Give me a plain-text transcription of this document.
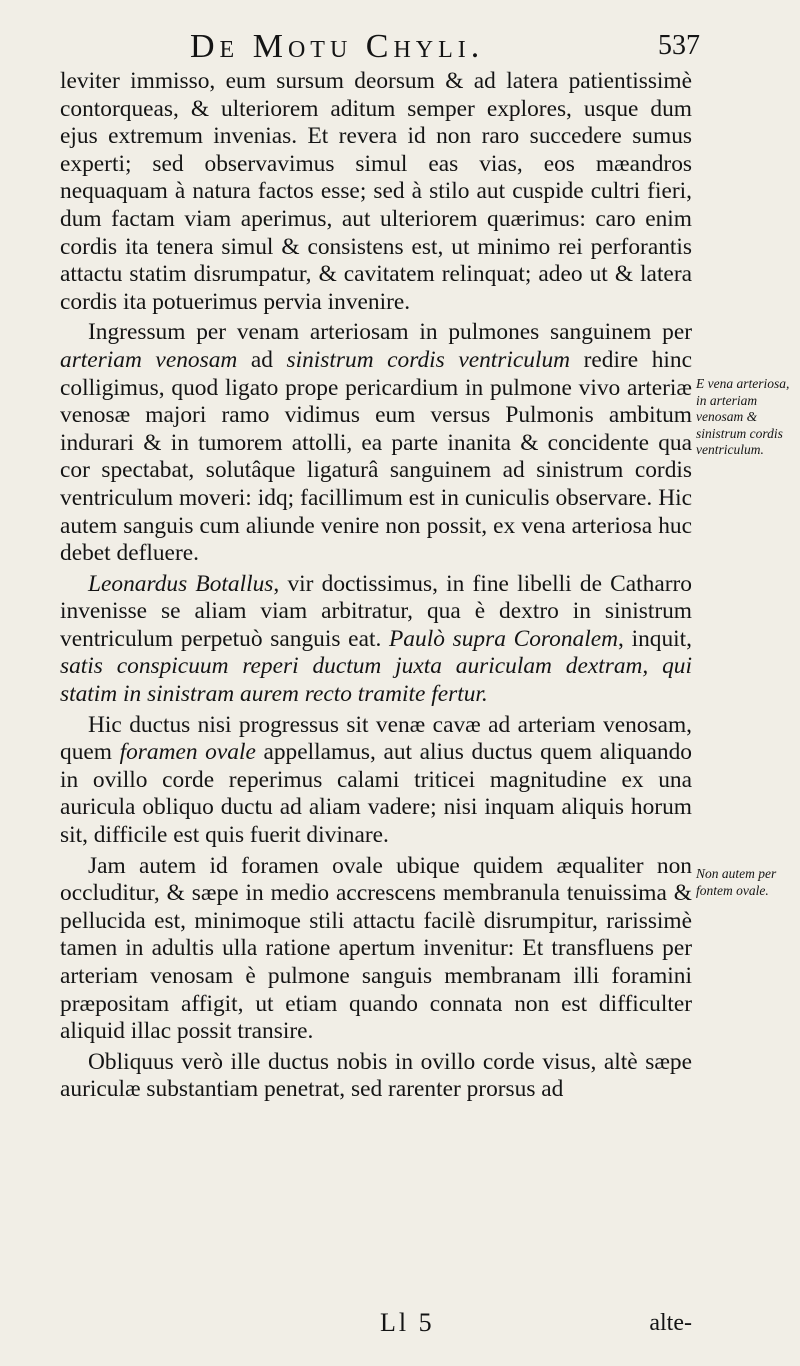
De Motu Chyli.	537

leviter immisso, eum sursum deorsum & ad latera patientissimè contorqueas, & ulteriorem aditum semper explores, usque dum ejus extremum invenias. Et revera id non raro succedere sumus experti; sed observavimus simul eas vias, eos mæandros nequaquam à natura factos esse; sed à stilo aut cuspide cultri fieri, dum factam viam aperimus, aut ulteriorem quærimus: caro enim cordis ita tenera simul & consistens est, ut minimo rei perforantis attactu statim disrumpatur, & cavitatem relinquat; adeo ut & latera cordis ita potuerimus pervia invenire.

Ingressum per venam arteriosam in pulmones sanguinem per arteriam venosam ad sinistrum cordis ventriculum redire hinc colligimus, quod ligato prope pericardium in pulmone vivo arteriæ venosæ majori ramo vidimus eum versus Pulmonis ambitum indurari & in tumorem attolli, ea parte inanita & concidente qua cor spectabat, solutâque ligaturâ sanguinem ad sinistrum cordis ventriculum moveri: idq; facillimum est in cuniculis observare. Hic autem sanguis cum aliunde venire non possit, ex vena arteriosa huc debet defluere.

Leonardus Botallus, vir doctissimus, in fine libelli de Catharro invenisse se aliam viam arbitratur, qua è dextro in sinistrum ventriculum perpetuò sanguis eat. Paulò supra Coronalem, inquit, satis conspicuum reperi ductum juxta auriculam dextram, qui statim in sinistram aurem recto tramite fertur.

Hic ductus nisi progressus sit venæ cavæ ad arteriam venosam, quem foramen ovale appellamus, aut alius ductus quem aliquando in ovillo corde reperimus calami triticei magnitudine ex una auricula obliquo ductu ad aliam vadere; nisi inquam aliquis horum sit, difficile est quis fuerit divinare.

Jam autem id foramen ovale ubique quidem æqualiter non occluditur, & sæpe in medio accrescens membranula tenuissima & pellucida est, minimoque stili attactu facilè disrumpitur, rarissimè tamen in adultis ulla ratione apertum invenitur: Et transfluens per arteriam venosam è pulmone sanguis membranam illi foramini præpositam affigit, ut etiam quando connata non est difficulter aliquid illac possit transire.

Obliquus verò ille ductus nobis in ovillo corde visus, altè sæpe auriculæ substantiam penetrat, sed rarenter prorsus ad

E vena arteriosa, in arteriam venosam & sinistrum cordis ventriculum.
Non autem per fontem ovale.
Ll 5	alte-
